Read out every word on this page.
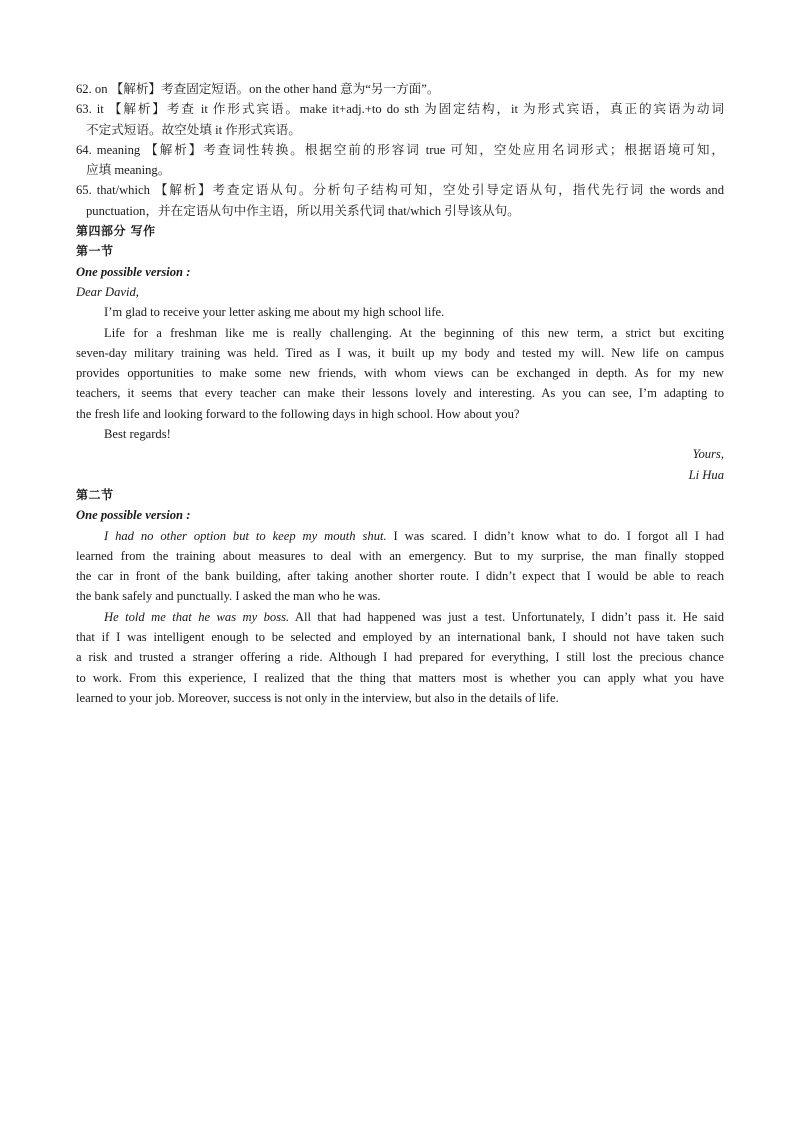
62. on 【解析】考查固定短语。on the other hand 意为“另一方面”。
63. it 【解析】考查 it 作形式宾语。make it+adj.+to do sth 为固定结构，it 为形式宾语，真正的宾语为动词
不定式短语。故空处填 it 作形式宾语。
64. meaning 【解析】考查词性转换。根据空前的形容词 true 可知，空处应用名词形式；根据语境可知，
应填 meaning。
65. that/which 【解析】考查定语从句。分析句子结构可知，空处引导定语从句，指代先行词 the words and
punctuation，并在定语从句中作主语，所以用关系代词 that/which 引导该从句。
第四部分 写作
第一节
One possible version :
Dear David,
I’m glad to receive your letter asking me about my high school life.
Life for a freshman like me is really challenging. At the beginning of this new term, a strict but exciting
seven-day military training was held. Tired as I was, it built up my body and tested my will. New life on campus
provides opportunities to make some new friends, with whom views can be exchanged in depth. As for my new
teachers, it seems that every teacher can make their lessons lovely and interesting. As you can see, I’m adapting to
the fresh life and looking forward to the following days in high school. How about you?
Best regards!
Yours,
Li Hua
第二节
One possible version :
I had no other option but to keep my mouth shut. I was scared. I didn’t know what to do. I forgot all I had
learned from the training about measures to deal with an emergency. But to my surprise, the man finally stopped
the car in front of the bank building, after taking another shorter route. I didn’t expect that I would be able to reach
the bank safely and punctually. I asked the man who he was.
He told me that he was my boss. All that had happened was just a test. Unfortunately, I didn’t pass it. He said
that if I was intelligent enough to be selected and employed by an international bank, I should not have taken such
a risk and trusted a stranger offering a ride. Although I had prepared for everything, I still lost the precious chance
to work. From this experience, I realized that the thing that matters most is whether you can apply what you have
learned to your job. Moreover, success is not only in the interview, but also in the details of life.
